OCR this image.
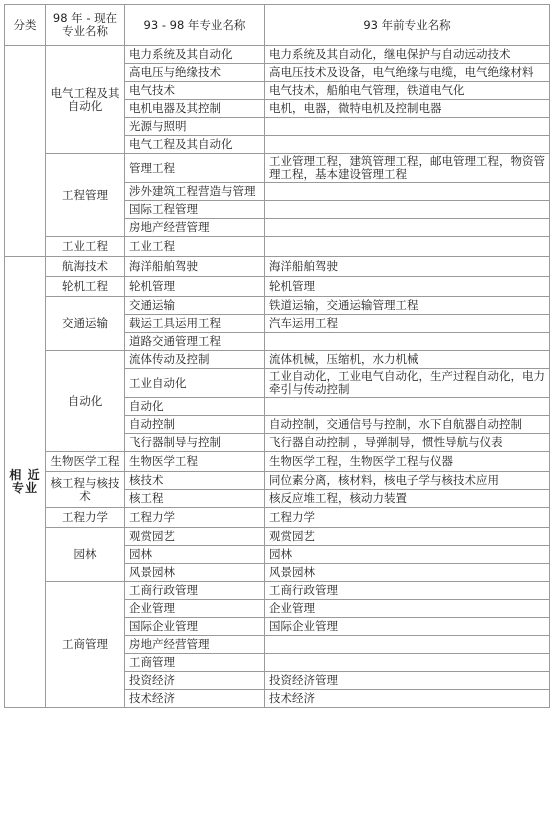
分类	98 年 - 现在专业名称	93 - 98 年专业名称	93 年前专业名称
	电气工程及其自动化	电力系统及其自动化	电力系统及其自动化，继电保护与自动远动技术
		高电压与绝缘技术	高电压技术及设备，电气绝缘与电缆，电气绝缘材料
		电气技术	电气技术，船舶电气管理，铁道电气化
		电机电器及其控制	电机，电器，微特电机及控制电器
		光源与照明	
		电气工程及其自动化	
	工程管理	管理工程	工业管理工程，建筑管理工程，邮电管理工程，物资管理工程，基本建设管理工程
		涉外建筑工程营造与管理	
		国际工程管理	
		房地产经营管理	
	工业工程	工业工程	
相 近 专业	航海技术	海洋船舶驾驶	海洋船舶驾驶
	轮机工程	轮机管理	轮机管理
	交通运输	交通运输	铁道运输，交通运输管理工程
		载运工具运用工程	汽车运用工程
		道路交通管理工程	
	自动化	流体传动及控制	流体机械，压缩机，水力机械
		工业自动化	工业自动化，工业电气自动化，生产过程自动化，电力牵引与传动控制
		自动化	
		自动控制	自动控制，交通信号与控制，水下自航器自动控制
		飞行器制导与控制	飞行器自动控制 ，导弹制导，惯性导航与仪表
	生物医学工程	生物医学工程	生物医学工程，生物医学工程与仪器
	核工程与核技术	核技术	同位素分离，核材料，核电子学与核技术应用
		核工程	核反应堆工程，核动力装置
	工程力学	工程力学	工程力学
	园林	观赏园艺	观赏园艺
		园林	园林
		风景园林	风景园林
	工商管理	工商行政管理	工商行政管理
		企业管理	企业管理
		国际企业管理	国际企业管理
		房地产经营管理	
		工商管理	
		投资经济	投资经济管理
		技术经济	技术经济
